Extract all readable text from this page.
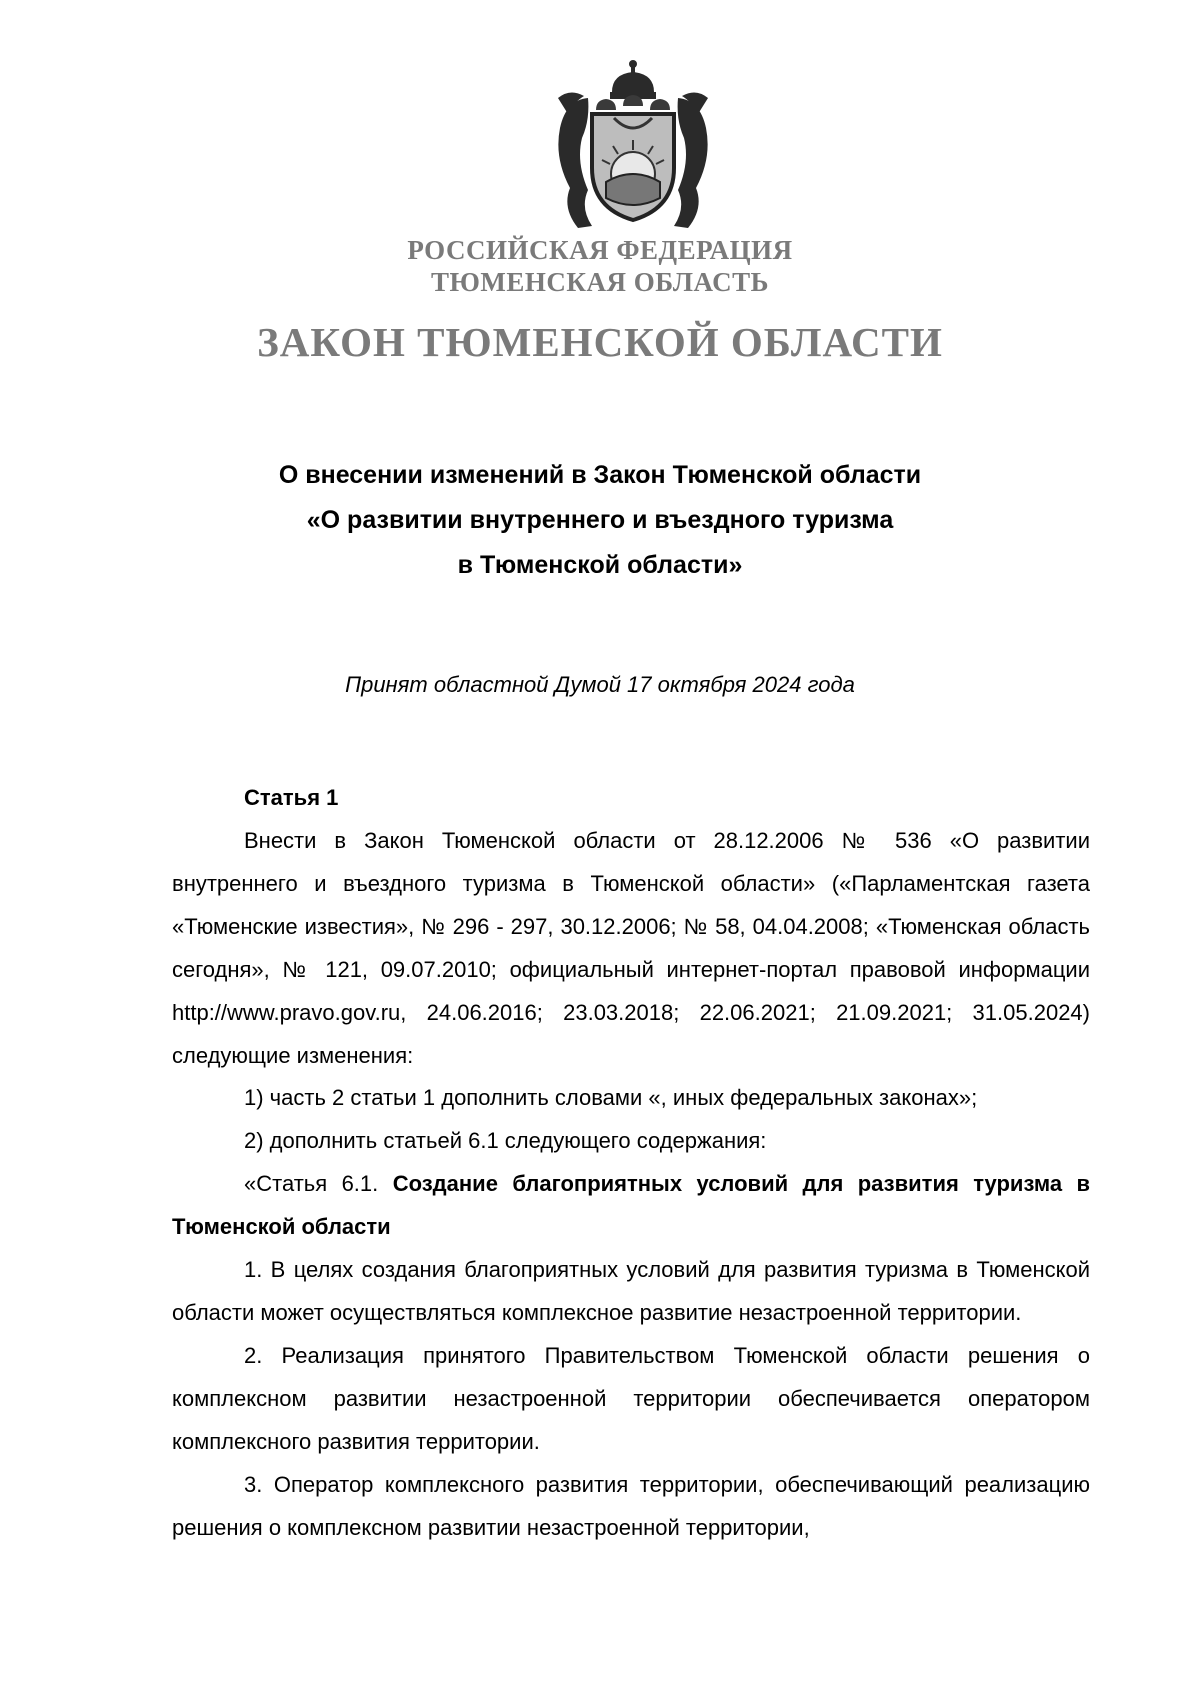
РОССИЙСКАЯ ФЕДЕРАЦИЯ
ТЮМЕНСКАЯ ОБЛАСТЬ
ЗАКОН ТЮМЕНСКОЙ ОБЛАСТИ
О внесении изменений в Закон Тюменской области
«О развитии внутреннего и въездного туризма
в Тюменской области»
Принят областной Думой 17 октября 2024 года
Статья 1

Внести в Закон Тюменской области от 28.12.2006 № 536 «О развитии внутреннего и въездного туризма в Тюменской области» («Парламентская газета «Тюменские известия», № 296 - 297, 30.12.2006; № 58, 04.04.2008; «Тюменская область сегодня», № 121, 09.07.2010; официальный интернет-портал правовой информации http://www.pravo.gov.ru, 24.06.2016; 23.03.2018; 22.06.2021; 21.09.2021; 31.05.2024) следующие изменения:

1) часть 2 статьи 1 дополнить словами «, иных федеральных законах»;

2) дополнить статьей 6.1 следующего содержания:

«Статья 6.1. Создание благоприятных условий для развития туризма в Тюменской области

1. В целях создания благоприятных условий для развития туризма в Тюменской области может осуществляться комплексное развитие незастроенной территории.

2. Реализация принятого Правительством Тюменской области решения о комплексном развитии незастроенной территории обеспечивается оператором комплексного развития территории.

3. Оператор комплексного развития территории, обеспечивающий реализацию решения о комплексном развитии незастроенной территории,
